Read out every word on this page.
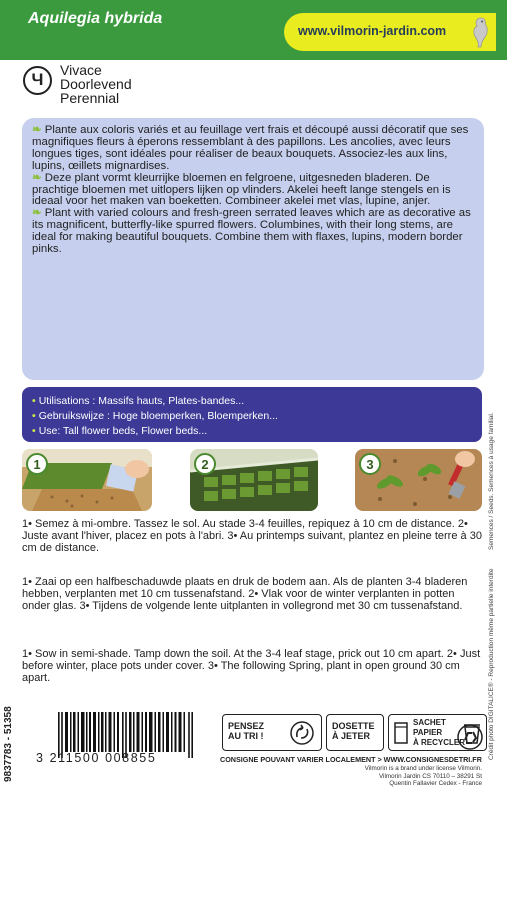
Aquilegia hybrida
www.vilmorin-jardin.com
Ч	Vivace
Doorlevend
Perennial

❧ Plante aux coloris variés et au feuillage vert frais et découpé aussi décoratif que ses magnifiques fleurs à éperons ressemblant à des papillons. Les ancolies, avec leurs longues tiges, sont idéales pour réaliser de beaux bouquets. Associez-les aux lins, lupins, œillets mignardises.

❧ Deze plant vormt kleurrijke bloemen en felgroene, uitgesneden bladeren. De prachtige bloemen met uitlopers lijken op vlinders. Akelei heeft lange stengels en is ideaal voor het maken van boeketten. Combineer akelei met vlas, lupine, anjer.

❧ Plant with varied colours and fresh-green serrated leaves which are as decorative as its magnificent, butterfly-like spurred flowers. Columbines, with their long stems, are ideal for making beautiful bouquets. Combine them with flaxes, lupins, modern border pinks.

• Utilisations : Massifs hauts, Plates-bandes...
• Gebruikswijze : Hoge bloemperken, Bloemperken...
• Use: Tall flower beds, Flower beds...
1	2	3

1• Semez à mi-ombre. Tassez le sol. Au stade 3-4 feuilles, repiquez à 10 cm de distance. 2• Juste avant l'hiver, placez en pots à l'abri. 3• Au printemps suivant, plantez en pleine terre à 30 cm de distance.

1• Zaai op een halfbeschaduwde plaats en druk de bodem aan. Als de planten 3-4 bladeren hebben, verplanten met 10 cm tussenafstand. 2• Vlak voor de winter verplanten in potten onder glas. 3• Tijdens de volgende lente uitplanten in vollegrond met 30 cm tussenafstand.

1• Sow in semi-shade. Tamp down the soil. At the 3-4 leaf stage, prick out 10 cm apart. 2• Just before winter, place pots under cover. 3• The following Spring, plant in open ground 30 cm apart.

Semences / Seeds. Semences à usage familial.
Crédit photo DIGITALICE® - Reproduction même partielle interdite
9837783 - 51358 3 211500 008855
PENSEZ
AU TRI !
DOSETTE
À JETER
SACHET
PAPIER
À RECYCLER
CONSIGNE POUVANT VARIER LOCALEMENT > WWW.CONSIGNESDETRI.FR
Vilmorin is a brand under license Vilmorin.
Vilmorin Jardin CS 70110 – 38291 St
Quentin Fallavier Cedex - France
